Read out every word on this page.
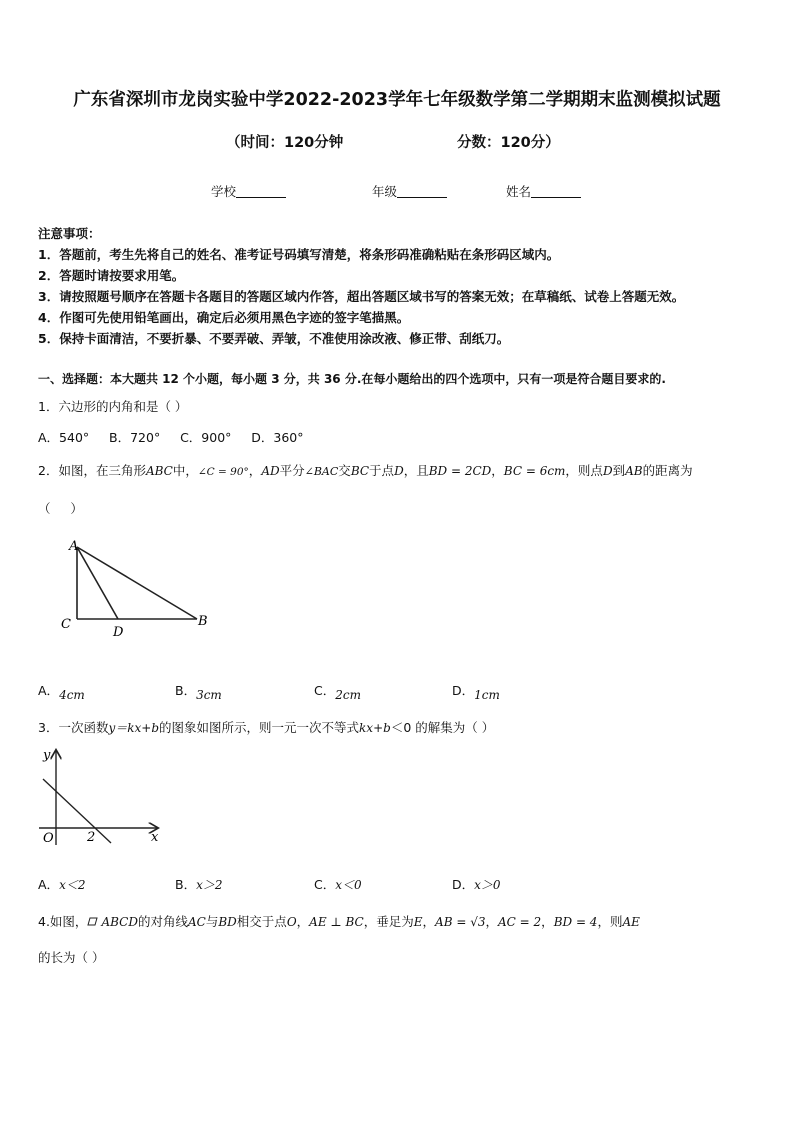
广东省深圳市龙岗实验中学2022-2023学年七年级数学第二学期期末监测模拟试题
（时间：120分钟	分数：120分）
学校	年级	姓名
注意事项：
1．答题前，考生先将自己的姓名、准考证号码填写清楚，将条形码准确粘贴在条形码区域内。
2．答题时请按要求用笔。
3．请按照题号顺序在答题卡各题目的答题区域内作答，超出答题区域书写的答案无效；在草稿纸、试卷上答题无效。
4．作图可先使用铅笔画出，确定后必须用黑色字迹的签字笔描黑。
5．保持卡面清洁，不要折暴、不要弄破、弄皱，不准使用涂改液、修正带、刮纸刀。
一、选择题：本大题共 12 个小题，每小题 3 分，共 36 分.在每小题给出的四个选项中，只有一项是符合题目要求的.
1．六边形的内角和是（ ）
A．540°     B．720°     C．900°     D．360°
2．如图，在三角形ABC中，∠C = 90°，AD平分∠BAC交BC于点D，且BD = 2CD，BC = 6cm，则点D到AB的距离为
（     ）
A
B
C
D
A．4cm	B．3cm	C．2cm	D．1cm
3．一次函数y＝kx+b的图象如图所示，则一元一次不等式kx+b＜0 的解集为（ ）
y
x
O	2
A．x＜2	B．x＞2	C．x＜0	D．x＞0
4.如图， ABCD的对角线AC与BD相交于点O，AE ⊥ BC，垂足为E，AB = √3，AC = 2，BD = 4，则AE
的长为（ ）
